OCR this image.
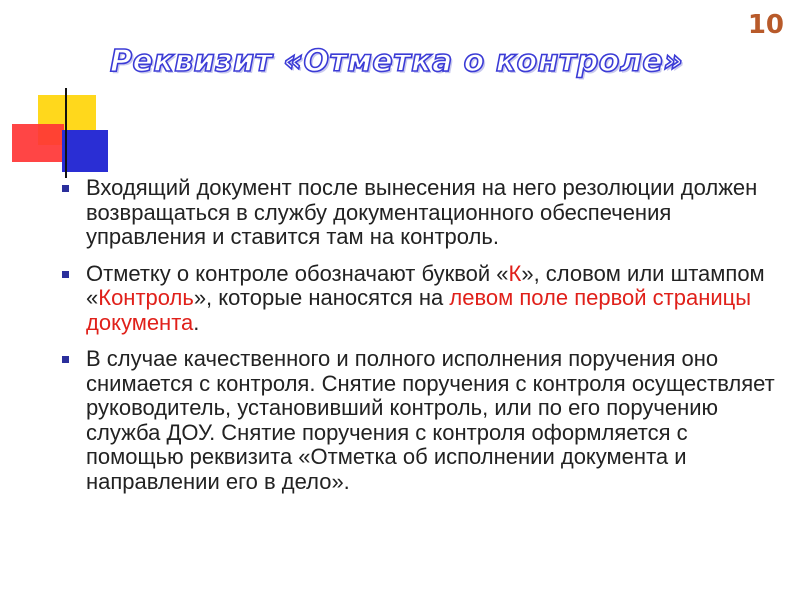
10
Реквизит «Отметка о контроле»
Входящий документ после вынесения на него резолюции должен возвращаться в службу документационного обеспечения управления и ставится там на контроль.
Отметку о контроле обозначают буквой «К», словом или штампом «Контроль», которые наносятся на левом поле первой страницы документа.
В случае качественного и полного исполнения поручения оно снимается с контроля. Снятие поручения с контроля осуществляет руководитель, установивший контроль, или по его поручению служба ДОУ. Снятие поручения с контроля оформляется с помощью реквизита «Отметка об исполнении документа и направлении его в дело».
